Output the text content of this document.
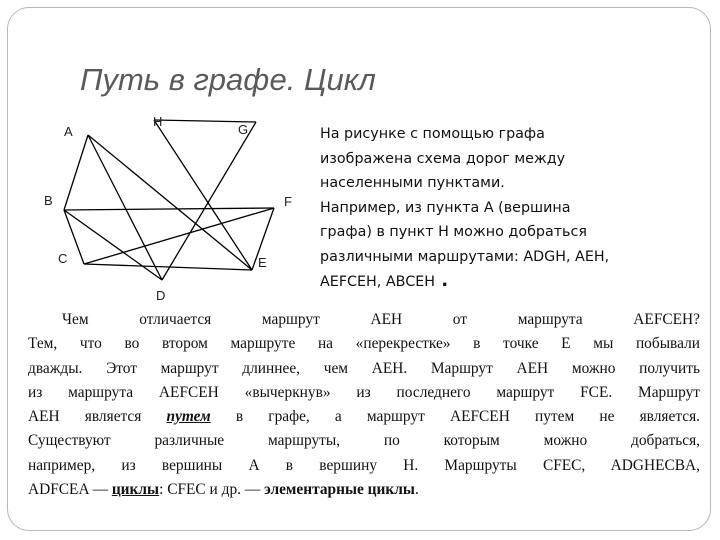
Путь в графе. Цикл
A
H
G
B	F
C	E
D
На рисунке с помощью графа
изображена схема дорог между
населенными пунктами.
Например, из пункта А (вершина
графа) в пункт Н можно добраться
различными маршрутами: ADGH, AEH,
AEFCEH, ABCEH .
Чем отличается маршрут AEH от маршрута AEFCEH?
Тем, что во втором маршруте на «перекрестке» в точке Е мы побывали
дважды. Этот маршрут длиннее, чем AEH. Маршрут AEH можно получить
из маршрута AEFCEH «вычеркнув» из последнего маршрут FCE. Маршрут
AEH является путем в графе, а маршрут AEFCEH путем не является.
Существуют различные маршруты, по которым можно добраться,
например, из вершины А в вершину Н. Маршруты CFEC, ADGHECBA,
ADFCEA — циклы: CFEC и др. — элементарные циклы.
